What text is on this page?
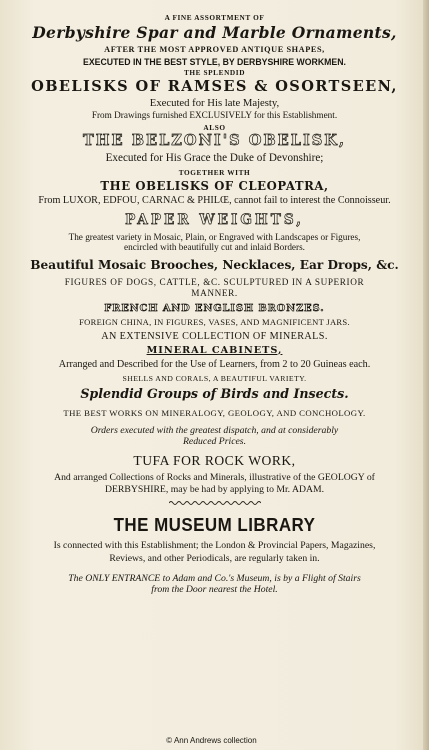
A FINE ASSORTMENT OF
Derbyshire Spar and Marble Ornaments,
AFTER THE MOST APPROVED ANTIQUE SHAPES,
EXECUTED IN THE BEST STYLE, BY DERBYSHIRE WORKMEN.
THE SPLENDID
OBELISKS OF RAMSES & OSORTSEEN,
Executed for His late Majesty,
From Drawings furnished EXCLUSIVELY for this Establishment.
ALSO
THE BELZONI'S OBELISK,
Executed for His Grace the Duke of Devonshire;
TOGETHER WITH
THE OBELISKS OF CLEOPATRA,
From LUXOR, EDFOU, CARNAC & PHILŒ, cannot fail to interest the Connoisseur.
PAPER WEIGHTS,
The greatest variety in Mosaic, Plain, or Engraved with Landscapes or Figures,
encircled with beautifully cut and inlaid Borders.
Beautiful Mosaic Brooches, Necklaces, Ear Drops, &c.
FIGURES OF DOGS, CATTLE, &C. SCULPTURED IN A SUPERIOR
MANNER.
FRENCH AND ENGLISH BRONZES.
FOREIGN CHINA, IN FIGURES, VASES, AND MAGNIFICENT JARS.
AN EXTENSIVE COLLECTION OF MINERALS.
MINERAL CABINETS,
Arranged and Described for the Use of Learners, from 2 to 20 Guineas each.
SHELLS AND CORALS, A BEAUTIFUL VARIETY.
Splendid Groups of Birds and Insects.
THE BEST WORKS ON MINERALOGY, GEOLOGY, AND CONCHOLOGY.
Orders executed with the greatest dispatch, and at considerably
Reduced Prices.
TUFA FOR ROCK WORK,
And arranged Collections of Rocks and Minerals, illustrative of the GEOLOGY of
DERBYSHIRE, may be had by applying to Mr. ADAM.
THE MUSEUM LIBRARY
Is connected with this Establishment; the London & Provincial Papers, Magazines,
Reviews, and other Periodicals, are regularly taken in.
The ONLY ENTRANCE to Adam and Co.'s Museum, is by a Flight of Stairs
from the Door nearest the Hotel.
© Ann Andrews collection
